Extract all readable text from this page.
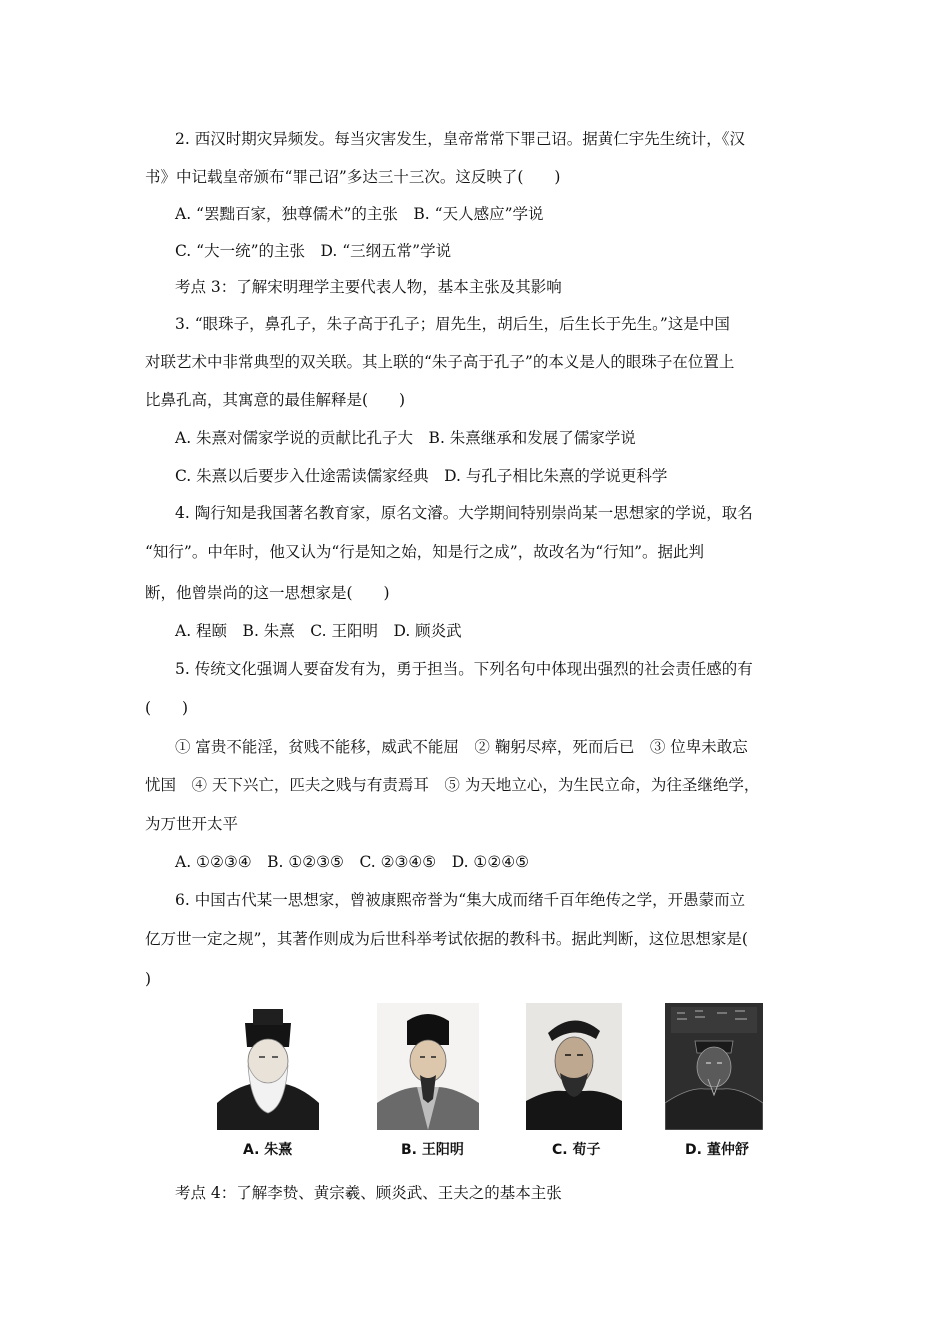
2. 西汉时期灾异频发。每当灾害发生，皇帝常常下罪己诏。据黄仁宇先生统计，《汉
书》中记载皇帝颁布“罪己诏”多达三十三次。这反映了(　　)
A. “罢黜百家，独尊儒术”的主张　B. “天人感应”学说
C. “大一统”的主张　D. “三纲五常”学说
考点 3：了解宋明理学主要代表人物，基本主张及其影响
3. “眼珠子，鼻孔子，朱子高于孔子；眉先生，胡后生，后生长于先生。”这是中国
对联艺术中非常典型的双关联。其上联的“朱子高于孔子”的本义是人的眼珠子在位置上
比鼻孔高，其寓意的最佳解释是(　　)
A. 朱熹对儒家学说的贡献比孔子大　B. 朱熹继承和发展了儒家学说
C. 朱熹以后要步入仕途需读儒家经典　D. 与孔子相比朱熹的学说更科学
4. 陶行知是我国著名教育家，原名文濬。大学期间特别崇尚某一思想家的学说，取名
“知行”。中年时，他又认为“行是知之始，知是行之成”，故改名为“行知”。据此判
断，他曾崇尚的这一思想家是(　　)
A. 程颐　B. 朱熹　C. 王阳明　D. 顾炎武
5. 传统文化强调人要奋发有为，勇于担当。下列名句中体现出强烈的社会责任感的有
(　　)
① 富贵不能淫，贫贱不能移，威武不能屈　② 鞠躬尽瘁，死而后已　③ 位卑未敢忘
忧国　④ 天下兴亡，匹夫之贱与有责焉耳　⑤ 为天地立心，为生民立命，为往圣继绝学，
为万世开太平
A. ①②③④　B. ①②③⑤　C. ②③④⑤　D. ①②④⑤
6. 中国古代某一思想家，曾被康熙帝誉为“集大成而绪千百年绝传之学，开愚蒙而立
亿万世一定之规”，其著作则成为后世科举考试依据的教科书。据此判断，这位思想家是(
)
A. 朱熹	B. 王阳明	C. 荀子	D. 董仲舒
考点 4：了解李贽、黄宗羲、顾炎武、王夫之的基本主张
